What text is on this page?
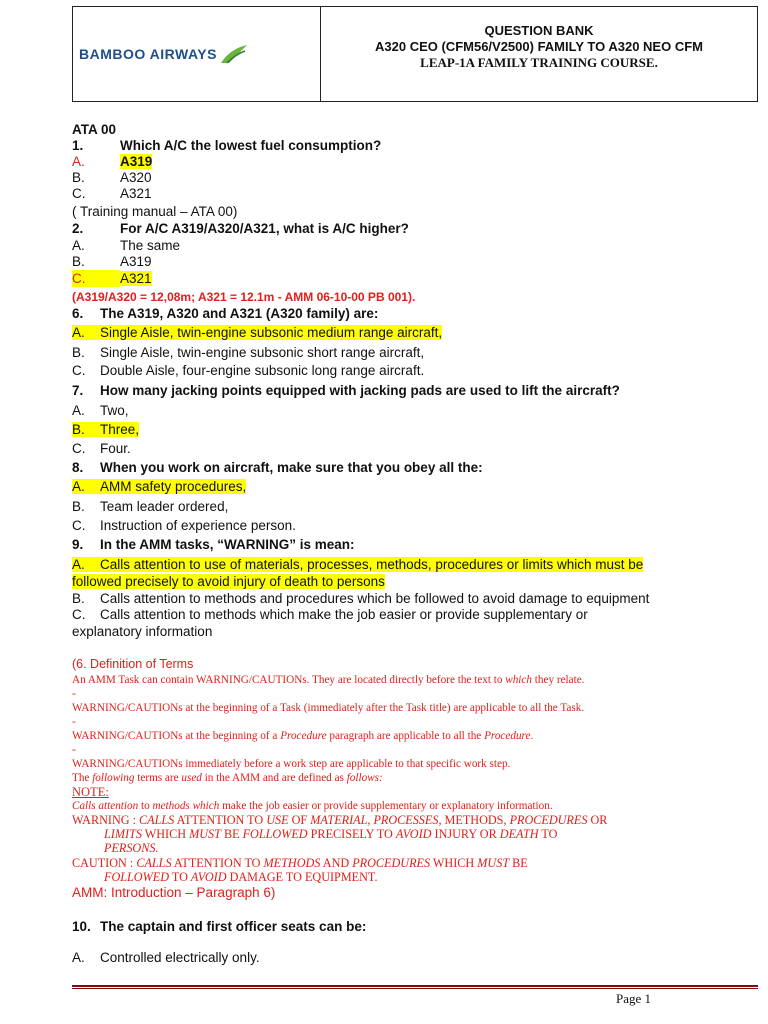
BAMBOO AIRWAYS
QUESTION BANK
A320 CEO (CFM56/V2500) FAMILY TO A320 NEO CFM
LEAP-1A FAMILY TRAINING COURSE.
ATA 00
1.	Which A/C the lowest fuel consumption?
A.	A319
B.	A320
C.	A321
( Training manual – ATA 00)
2.	For A/C A319/A320/A321, what is A/C higher?
A.	The same
B.	A319
C.	A321
(A319/A320 = 12,08m; A321 = 12.1m - AMM 06-10-00 PB 001).
6. The A319, A320 and A321 (A320 family) are:
A. Single Aisle, twin-engine subsonic medium range aircraft,
B. Single Aisle, twin-engine subsonic short range aircraft,
C. Double Aisle, four-engine subsonic long range aircraft.
7. How many jacking points equipped with jacking pads are used to lift the aircraft?
A. Two,
B. Three,
C. Four.
8. When you work on aircraft, make sure that you obey all the:
A. AMM safety procedures,
B. Team leader ordered,
C. Instruction of experience person.
9. In the AMM tasks, “WARNING” is mean:
A. Calls attention to use of materials, processes, methods, procedures or limits which must be
followed precisely to avoid injury of death to persons
B. Calls attention to methods and procedures which be followed to avoid damage to equipment
C. Calls attention to methods which make the job easier or provide supplementary or
explanatory information
(6. Definition of Terms
An AMM Task can contain WARNING/CAUTIONs. They are located directly before the text to which they relate.
-
WARNING/CAUTIONs at the beginning of a Task (immediately after the Task title) are applicable to all the Task.
-
WARNING/CAUTIONs at the beginning of a Procedure paragraph are applicable to all the Procedure.
-
WARNING/CAUTIONs immediately before a work step are applicable to that specific work step.
The following terms are used in the AMM and are defined as follows:
NOTE:
Calls attention to methods which make the job easier or provide supplementary or explanatory information.
WARNING : CALLS ATTENTION TO USE OF MATERIAL, PROCESSES, METHODS, PROCEDURES OR
LIMITS WHICH MUST BE FOLLOWED PRECISELY TO AVOID INJURY OR DEATH TO
PERSONS.
CAUTION : CALLS ATTENTION TO METHODS AND PROCEDURES WHICH MUST BE
FOLLOWED TO AVOID DAMAGE TO EQUIPMENT.
AMM: Introduction – Paragraph 6)
10. The captain and first officer seats can be:
A. Controlled electrically only.
Page 1
